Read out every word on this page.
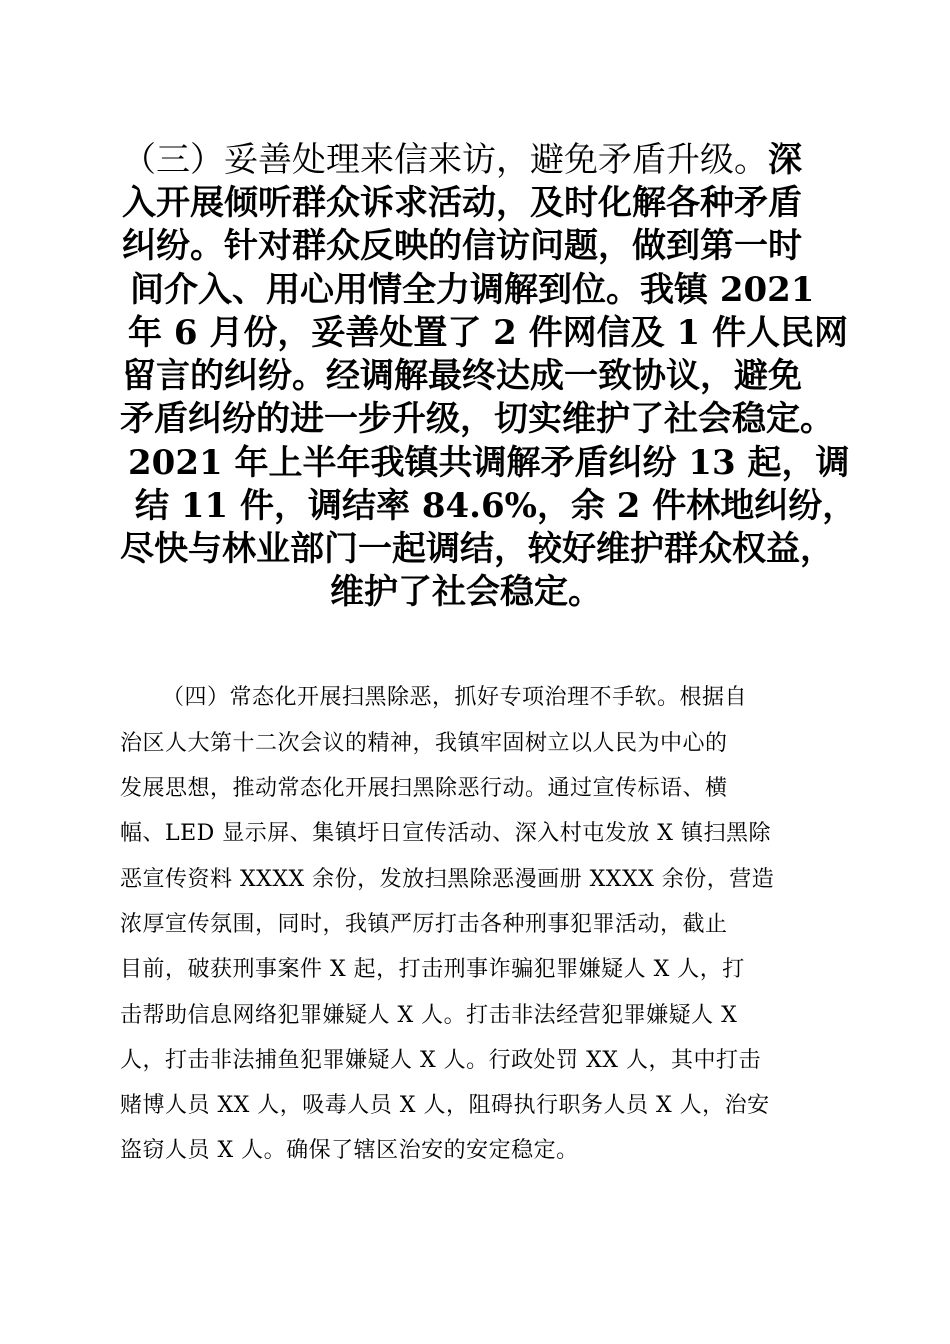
（三）妥善处理来信来访，避免矛盾升级。深
入开展倾听群众诉求活动，及时化解各种矛盾
纠纷。针对群众反映的信访问题，做到第一时
间介入、用心用情全力调解到位。我镇 2021
年 6 月份，妥善处置了 2 件网信及 1 件人民网
留言的纠纷。经调解最终达成一致协议，避免
矛盾纠纷的进一步升级，切实维护了社会稳定。
2021 年上半年我镇共调解矛盾纠纷 13 起，调
结 11 件，调结率 84.6%，余 2 件林地纠纷，
尽快与林业部门一起调结，较好维护群众权益，
维护了社会稳定。
（四）常态化开展扫黑除恶，抓好专项治理不手软。根据自
治区人大第十二次会议的精神，我镇牢固树立以人民为中心的
发展思想，推动常态化开展扫黑除恶行动。通过宣传标语、横
幅、LED 显示屏、集镇圩日宣传活动、深入村屯发放 X 镇扫黑除
恶宣传资料 XXXX 余份，发放扫黑除恶漫画册 XXXX 余份，营造
浓厚宣传氛围，同时，我镇严厉打击各种刑事犯罪活动，截止
目前，破获刑事案件 X 起，打击刑事诈骗犯罪嫌疑人 X 人，打
击帮助信息网络犯罪嫌疑人 X 人。打击非法经营犯罪嫌疑人 X
人，打击非法捕鱼犯罪嫌疑人 X 人。行政处罚 XX 人，其中打击
赌博人员 XX 人，吸毒人员 X 人，阻碍执行职务人员 X 人，治安
盗窃人员 X 人。确保了辖区治安的安定稳定。
